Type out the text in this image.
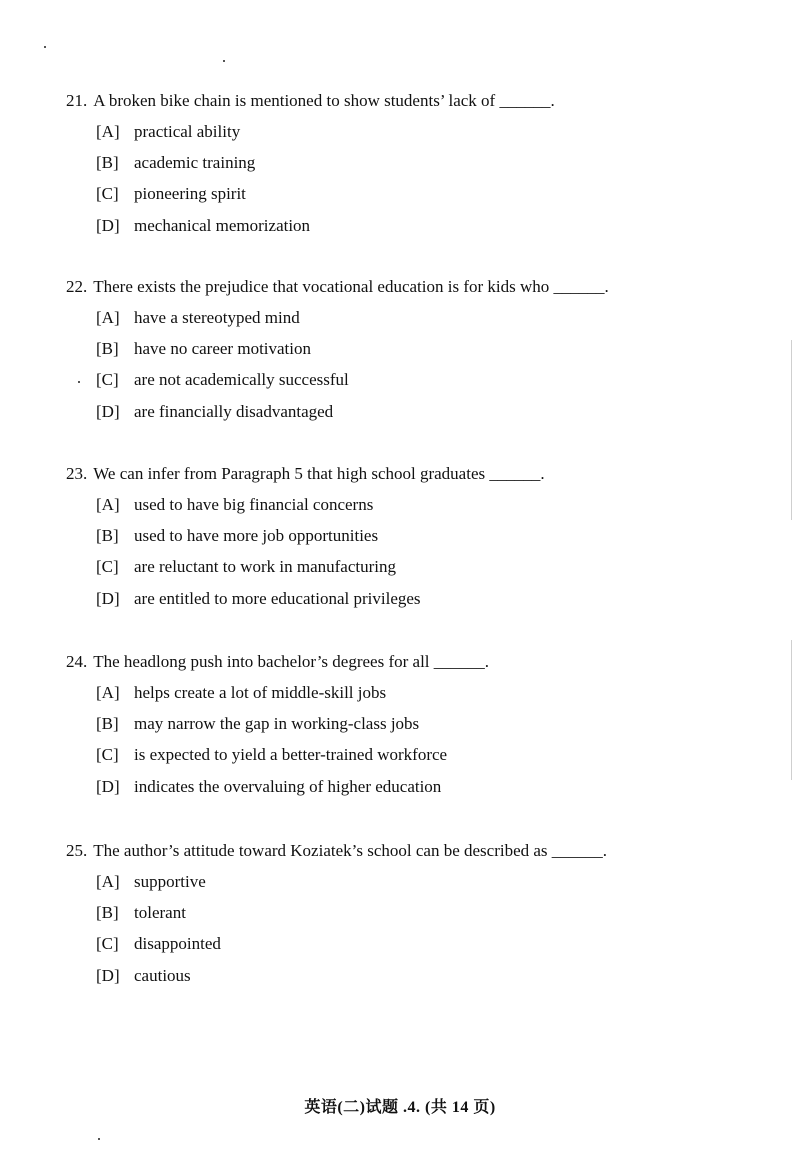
21. A broken bike chain is mentioned to show students’ lack of ______.
[A] practical ability
[B] academic training
[C] pioneering spirit
[D] mechanical memorization
22. There exists the prejudice that vocational education is for kids who ______.
[A] have a stereotyped mind
[B] have no career motivation
[C] are not academically successful
[D] are financially disadvantaged
23. We can infer from Paragraph 5 that high school graduates ______.
[A] used to have big financial concerns
[B] used to have more job opportunities
[C] are reluctant to work in manufacturing
[D] are entitled to more educational privileges
24. The headlong push into bachelor’s degrees for all ______.
[A] helps create a lot of middle-skill jobs
[B] may narrow the gap in working-class jobs
[C] is expected to yield a better-trained workforce
[D] indicates the overvaluing of higher education
25. The author’s attitude toward Koziatek’s school can be described as ______.
[A] supportive
[B] tolerant
[C] disappointed
[D] cautious
英语(二)试题 .4. (共 14 页)
